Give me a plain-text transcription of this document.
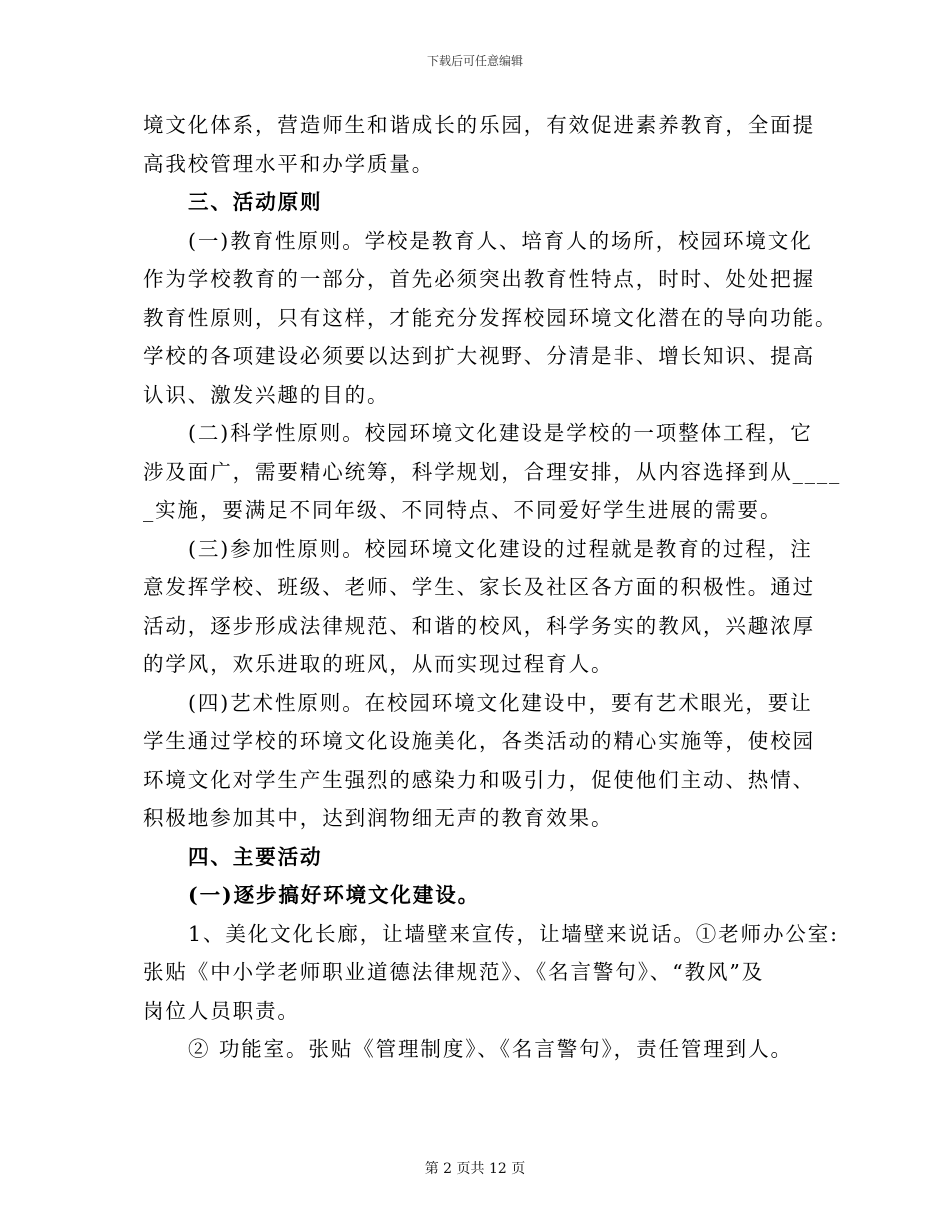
下载后可任意编辑
境文化体系，营造师生和谐成长的乐园，有效促进素养教育，全面提
高我校管理水平和办学质量。
三、活动原则
(一)教育性原则。学校是教育人、培育人的场所，校园环境文化
作为学校教育的一部分，首先必须突出教育性特点，时时、处处把握
教育性原则，只有这样，才能充分发挥校园环境文化潜在的导向功能。
学校的各项建设必须要以达到扩大视野、分清是非、增长知识、提高
认识、激发兴趣的目的。
(二)科学性原则。校园环境文化建设是学校的一项整体工程，它
涉及面广，需要精心统筹，科学规划，合理安排，从内容选择到从____
_实施，要满足不同年级、不同特点、不同爱好学生进展的需要。
(三)参加性原则。校园环境文化建设的过程就是教育的过程，注
意发挥学校、班级、老师、学生、家长及社区各方面的积极性。通过
活动，逐步形成法律规范、和谐的校风，科学务实的教风，兴趣浓厚
的学风，欢乐进取的班风，从而实现过程育人。
(四)艺术性原则。在校园环境文化建设中，要有艺术眼光，要让
学生通过学校的环境文化设施美化，各类活动的精心实施等，使校园
环境文化对学生产生强烈的感染力和吸引力，促使他们主动、热情、
积极地参加其中，达到润物细无声的教育效果。
四、主要活动
(一)逐步搞好环境文化建设。
1、美化文化长廊，让墙壁来宣传，让墙壁来说话。①老师办公室:
张贴《中小学老师职业道德法律规范》、《名言警句》、“教风”及
岗位人员职责。
② 功能室。张贴《管理制度》、《名言警句》，责任管理到人。
第 2 页共 12 页
